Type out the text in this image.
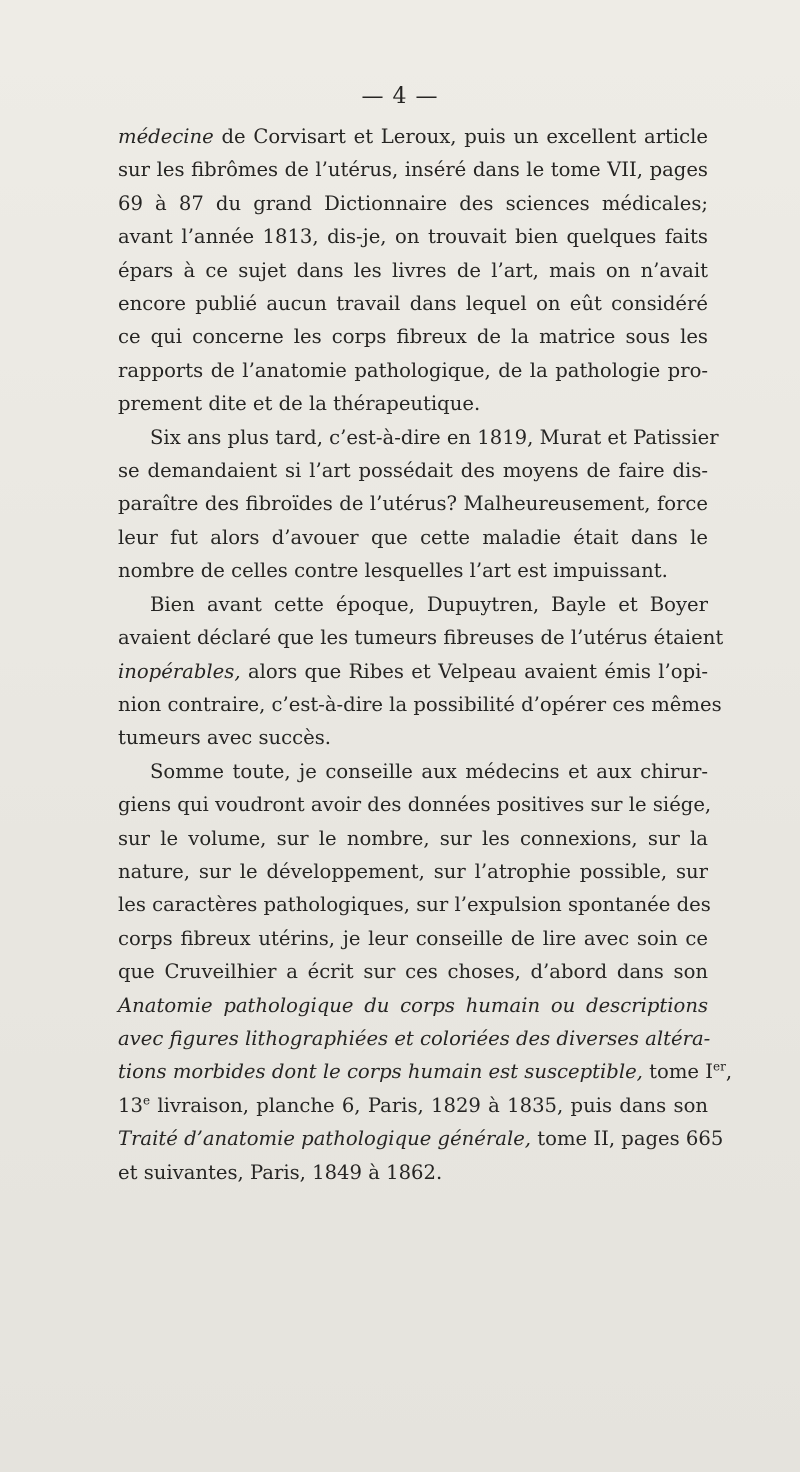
— 4 —
médecine de Corvisart et Leroux, puis un excellent article
sur les fibrômes de l’utérus, inséré dans le tome VII, pages
69 à 87 du grand Dictionnaire des sciences médicales;
avant l’année 1813, dis-je, on trouvait bien quelques faits
épars à ce sujet dans les livres de l’art, mais on n’avait
encore publié aucun travail dans lequel on eût considéré
ce qui concerne les corps fibreux de la matrice sous les
rapports de l’anatomie pathologique, de la pathologie pro-
prement dite et de la thérapeutique.
Six ans plus tard, c’est-à-dire en 1819, Murat et Patissier
se demandaient si l’art possédait des moyens de faire dis-
paraître des fibroïdes de l’utérus? Malheureusement, force
leur fut alors d’avouer que cette maladie était dans le
nombre de celles contre lesquelles l’art est impuissant.
Bien avant cette époque, Dupuytren, Bayle et Boyer
avaient déclaré que les tumeurs fibreuses de l’utérus étaient
inopérables, alors que Ribes et Velpeau avaient émis l’opi-
nion contraire, c’est-à-dire la possibilité d’opérer ces mêmes
tumeurs avec succès.
Somme toute, je conseille aux médecins et aux chirur-
giens qui voudront avoir des données positives sur le siége,
sur le volume, sur le nombre, sur les connexions, sur la
nature, sur le développement, sur l’atrophie possible, sur
les caractères pathologiques, sur l’expulsion spontanée des
corps fibreux utérins, je leur conseille de lire avec soin ce
que Cruveilhier a écrit sur ces choses, d’abord dans son
Anatomie pathologique du corps humain ou descriptions
avec figures lithographiées et coloriées des diverses altéra-
tions morbides dont le corps humain est susceptible, tome Ier,
13e livraison, planche 6, Paris, 1829 à 1835, puis dans son
Traité d’anatomie pathologique générale, tome II, pages 665
et suivantes, Paris, 1849 à 1862.
